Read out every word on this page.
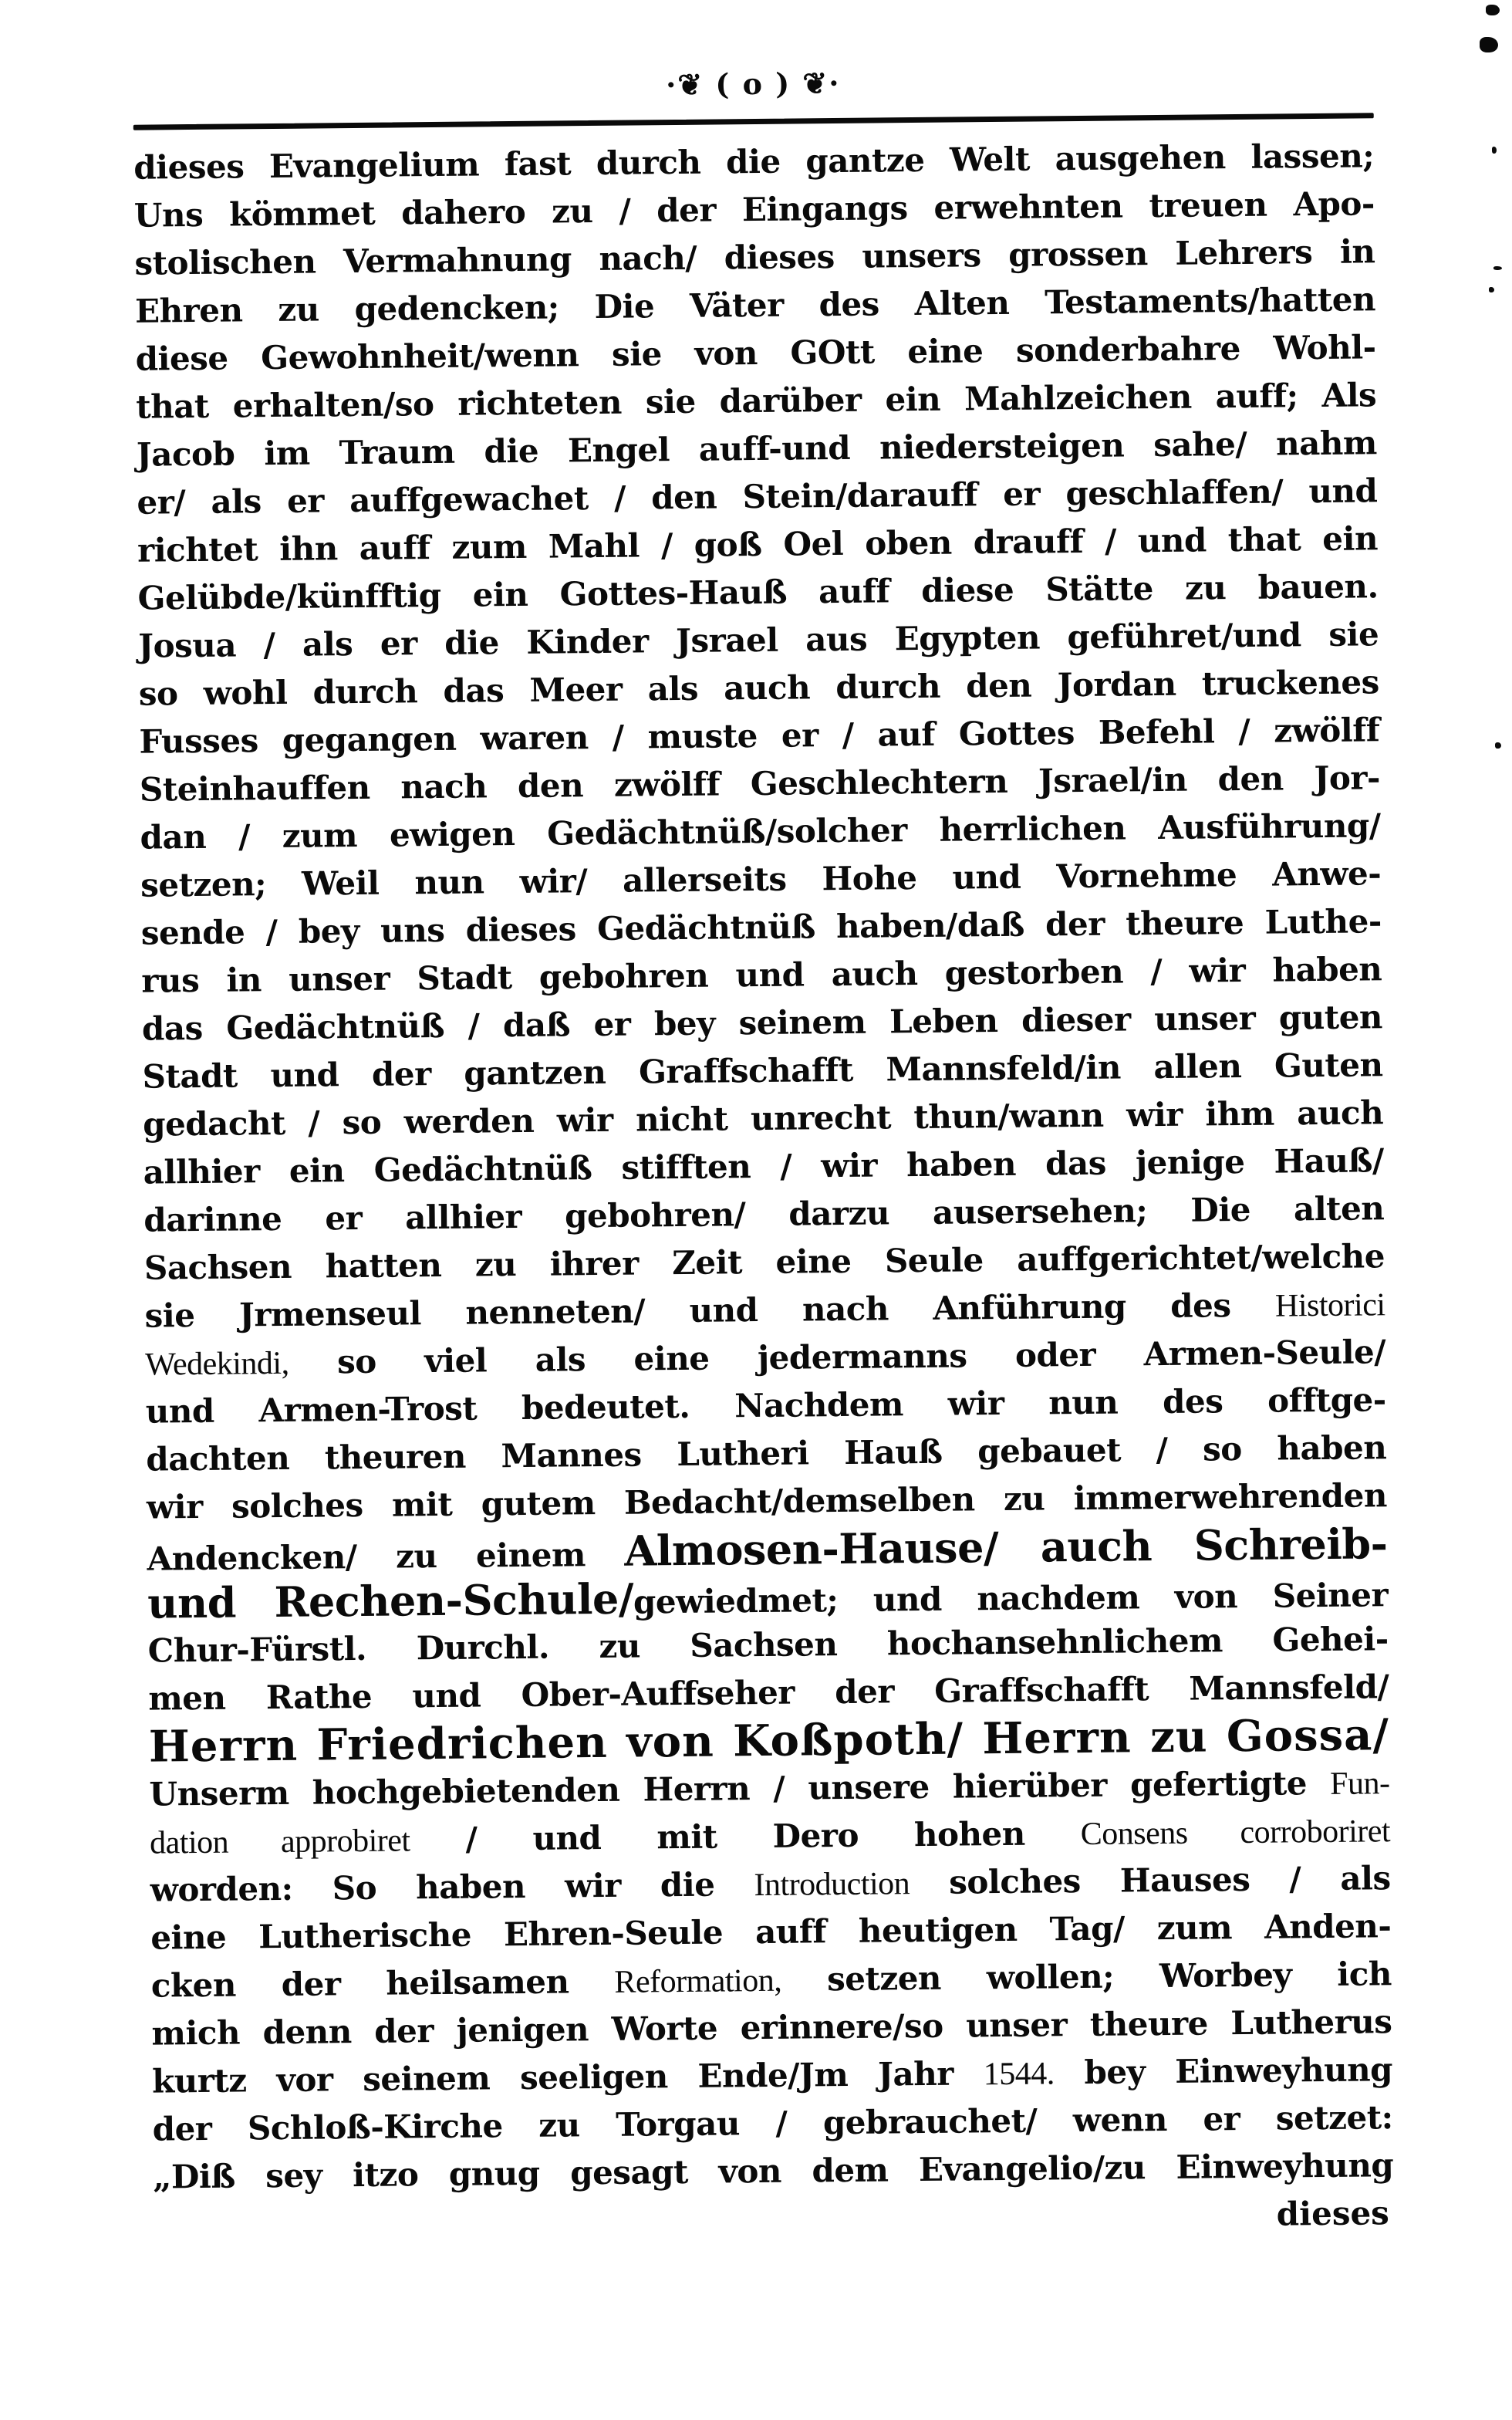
·❦ ( o ) ❦·
dieses Evangelium fast durch die gantze Welt ausgehen lassen;
Uns kömmet dahero zu / der Eingangs erwehnten treuen Apo-
stolischen Vermahnung nach/ dieses unsers grossen Lehrers in
Ehren zu gedencken; Die Väter des Alten Testaments/hatten
diese Gewohnheit/wenn sie von GOtt eine sonderbahre Wohl-
that erhalten/so richteten sie darüber ein Mahlzeichen auff; Als
Jacob im Traum die Engel auff-und niedersteigen sahe/ nahm
er/ als er auffgewachet / den Stein/darauff er geschlaffen/ und
richtet ihn auff zum Mahl / goß Oel oben drauff / und that ein
Gelübde/künfftig ein Gottes-Hauß auff diese Stätte zu bauen.
Josua / als er die Kinder Jsrael aus Egypten geführet/und sie
so wohl durch das Meer als auch durch den Jordan truckenes
Fusses gegangen waren / muste er / auf Gottes Befehl / zwölff
Steinhauffen nach den zwölff Geschlechtern Jsrael/in den Jor-
dan / zum ewigen Gedächtnüß/solcher herrlichen Ausführung/
setzen; Weil nun wir/ allerseits Hohe und Vornehme Anwe-
sende / bey uns dieses Gedächtnüß haben/daß der theure Luthe-
rus in unser Stadt gebohren und auch gestorben / wir haben
das Gedächtnüß / daß er bey seinem Leben dieser unser guten
Stadt und der gantzen Graffschafft Mannsfeld/in allen Guten
gedacht / so werden wir nicht unrecht thun/wann wir ihm auch
allhier ein Gedächtnüß stifften / wir haben das jenige Hauß/
darinne er allhier gebohren/ darzu ausersehen; Die alten
Sachsen hatten zu ihrer Zeit eine Seule auffgerichtet/welche
sie Jrmenseul nenneten/ und nach Anführung des Historici
Wedekindi, so viel als eine jedermanns oder Armen-Seule/
und Armen-Trost bedeutet. Nachdem wir nun des offtge-
dachten theuren Mannes Lutheri Hauß gebauet / so haben
wir solches mit gutem Bedacht/demselben zu immerwehrenden
Andencken/ zu einem Almosen-Hause/ auch Schreib-
und Rechen-Schule/gewiedmet; und nachdem von Seiner
Chur-Fürstl. Durchl. zu Sachsen hochansehnlichem Gehei-
men Rathe und Ober-Auffseher der Graffschafft Mannsfeld/
Herrn Friedrichen von Koßpoth/ Herrn zu Gossa/
Unserm hochgebietenden Herrn / unsere hierüber gefertigte Fun-
dation approbiret / und mit Dero hohen Consens corroboriret
worden: So haben wir die Introduction solches Hauses / als
eine Lutherische Ehren-Seule auff heutigen Tag/ zum Anden-
cken der heilsamen Reformation, setzen wollen; Worbey ich
mich denn der jenigen Worte erinnere/so unser theure Lutherus
kurtz vor seinem seeligen Ende/Jm Jahr 1544. bey Einweyhung
der Schloß-Kirche zu Torgau / gebrauchet/ wenn er setzet:
„Diß sey itzo gnug gesagt von dem Evangelio/zu Einweyhung
dieses
